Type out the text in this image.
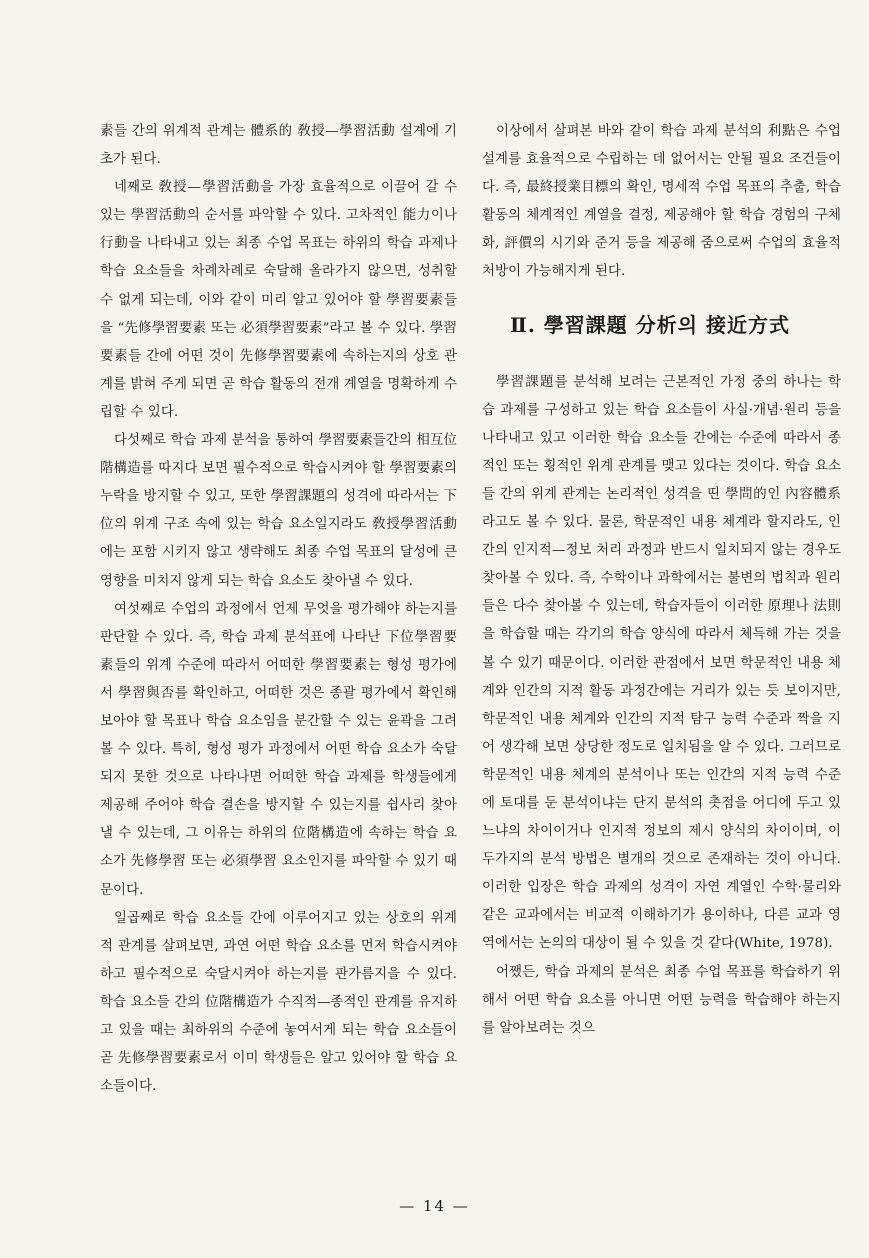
素들 간의 위계적 관계는 體系的 敎授—學習活動 설계에 기초가 된다.

네째로 敎授—學習活動을 가장 효율적으로 이끌어 갈 수 있는 學習活動의 순서를 파악할 수 있다. 고차적인 能力이나 行動을 나타내고 있는 최종 수업 목표는 하위의 학습 과제나 학습 요소들을 차례차례로 숙달해 올라가지 않으면, 성취할 수 없게 되는데, 이와 같이 미리 알고 있어야 할 學習要素들을 “先修學習要素 또는 必須學習要素”라고 볼 수 있다. 學習要素들 간에 어떤 것이 先修學習要素에 속하는지의 상호 관계를 밝혀 주게 되면 곧 학습 활동의 전개 계열을 명확하게 수립할 수 있다.

다섯째로 학습 과제 분석을 통하여 學習要素들간의 相互位階構造를 따지다 보면 필수적으로 학습시켜야 할 學習要素의 누락을 방지할 수 있고, 또한 學習課題의 성격에 따라서는 下位의 위계 구조 속에 있는 학습 요소일지라도 敎授學習活動에는 포함 시키지 않고 생략해도 최종 수업 목표의 달성에 큰 영향을 미치지 않게 되는 학습 요소도 찾아낼 수 있다.

여섯째로 수업의 과정에서 언제 무엇을 평가해야 하는지를 판단할 수 있다. 즉, 학습 과제 분석표에 나타난 下位學習要素들의 위계 수준에 따라서 어떠한 學習要素는 형성 평가에서 學習與否를 확인하고, 어떠한 것은 종괄 평가에서 확인해 보아야 할 목표나 학습 요소임을 분간할 수 있는 윤곽을 그려 볼 수 있다. 특히, 형성 평가 과정에서 어떤 학습 요소가 숙달되지 못한 것으로 나타나면 어떠한 학습 과제를 학생들에게 제공해 주어야 학습 결손을 방지할 수 있는지를 쉽사리 찾아낼 수 있는데, 그 이유는 하위의 位階構造에 속하는 학습 요소가 先修學習 또는 必須學習 요소인지를 파악할 수 있기 때문이다.

일곱째로 학습 요소들 간에 이루어지고 있는 상호의 위계적 관계를 살펴보면, 과연 어떤 학습 요소를 먼저 학습시켜야 하고 필수적으로 숙달시켜야 하는지를 판가름지을 수 있다. 학습 요소들 간의 位階構造가 수직적—종적인 관계를 유지하고 있을 때는 최하위의 수준에 놓여서게 되는 학습 요소들이 곧 先修學習要素로서 이미 학생들은 알고 있어야 할 학습 요소들이다.

이상에서 살펴본 바와 같이 학습 과제 분석의 利點은 수업 설계를 효율적으로 수립하는 데 없어서는 안될 필요 조건들이다. 즉, 最終授業目標의 확인, 명세적 수업 목표의 추출, 학습 활동의 체계적인 계열을 결정, 제공해야 할 학습 경험의 구체화, 評價의 시기와 준거 등을 제공해 줌으로써 수업의 효율적 처방이 가능해지게 된다.

Ⅱ. 學習課題 分析의 接近方式

學習課題를 분석해 보려는 근본적인 가정 중의 하나는 학습 과제를 구성하고 있는 학습 요소들이 사실·개념·원리 등을 나타내고 있고 이러한 학습 요소들 간에는 수준에 따라서 종적인 또는 횡적인 위계 관계를 맺고 있다는 것이다. 학습 요소들 간의 위계 관계는 논리적인 성격을 띤 學問的인 內容體系라고도 볼 수 있다. 물론, 학문적인 내용 체계라 할지라도, 인간의 인지적—정보 처리 과정과 반드시 일치되지 않는 경우도 찾아볼 수 있다. 즉, 수학이나 과학에서는 불변의 법칙과 원리들은 다수 찾아볼 수 있는데, 학습자들이 이러한 原理나 法則을 학습할 때는 각기의 학습 양식에 따라서 체득해 가는 것을 볼 수 있기 때문이다. 이러한 관점에서 보면 학문적인 내용 체계와 인간의 지적 활동 과정간에는 거리가 있는 듯 보이지만, 학문적인 내용 체계와 인간의 지적 탐구 능력 수준과 짝을 지어 생각해 보면 상당한 정도로 일치됨을 알 수 있다. 그러므로 학문적인 내용 체계의 분석이나 또는 인간의 지적 능력 수준에 토대를 둔 분석이냐는 단지 분석의 촛점을 어디에 두고 있느냐의 차이이거나 인지적 정보의 제시 양식의 차이이며, 이 두가지의 분석 방법은 별개의 것으로 존재하는 것이 아니다. 이러한 입장은 학습 과제의 성격이 자연 계열인 수학·물리와 같은 교과에서는 비교적 이해하기가 용이하나, 다른 교과 영역에서는 논의의 대상이 될 수 있을 것 같다(White, 1978).

어쨌든, 학습 과제의 분석은 최종 수업 목표를 학습하기 위해서 어떤 학습 요소를 아니면 어떤 능력을 학습해야 하는지를 알아보려는 것으

— 14 —
